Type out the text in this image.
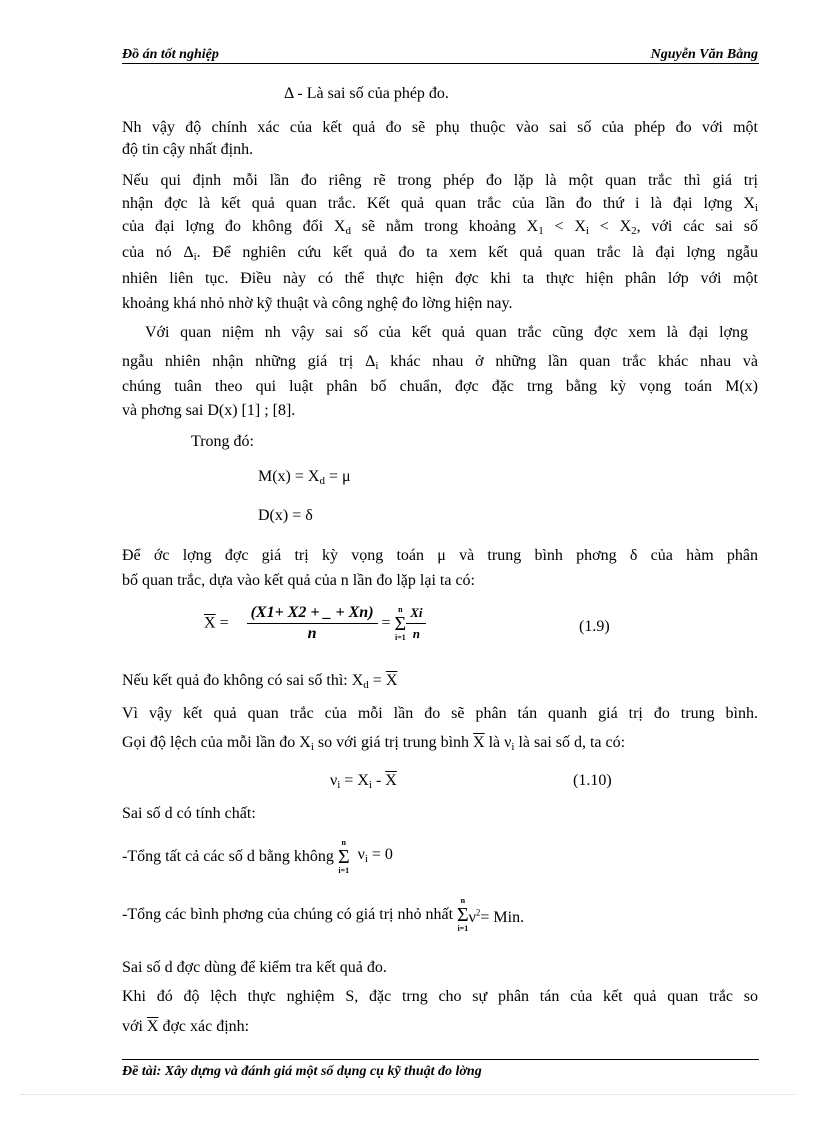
Đồ án tốt nghiệp	Nguyễn Văn Bằng
Δ - Là sai số của phép đo.
Nh vậy độ chính xác của kết quả đo sẽ phụ thuộc vào sai số của phép đo với một
độ tin cậy nhất định.
Nếu qui định mỗi lần đo riêng rẽ trong phép đo lặp là một quan trắc thì giá trị
nhận đợc là kết quả quan trắc. Kết quả quan trắc của lần đo thứ i là đại lợng $X_i$
của đại lợng đo không đổi $X_d$ sẽ nằm trong khoảng $X_1 < X_i < X_2$, với các sai số
của nó $\Delta_i$. Để nghiên cứu kết quả đo ta xem kết quả quan trắc là đại lợng ngẫu
nhiên liên tục. Điều này có thể thực hiện đợc khi ta thực hiện phân lớp với một
khoảng khá nhỏ nhờ kỹ thuật và công nghệ đo lờng hiện nay.
Với quan niệm nh vậy sai số của kết quả quan trắc cũng đợc xem là đại lợng
ngẫu nhiên nhận những giá trị $\Delta_i$ khác nhau ở những lần quan trắc khác nhau và
chúng tuân theo qui luật phân bố chuẩn, đợc đặc trng bằng kỳ vọng toán M(x)
và phơng sai D(x) [1] ; [8].
Trong đó:
$M(x) = X_d = \mu$
D(x) = δ
Để ớc lợng đợc giá trị kỳ vọng toán μ và trung bình phơng δ của hàm phân
bố quan trắc, dựa vào kết quả của n lần đo lặp lại ta có:
$\overline{X} = \frac{(X1+ X2 + \_ + Xn)}{n}$ =
n
Σ
$i=1 \frac{Xi}{n}$	(1.9)
Nếu kết quả đo không có sai số thì: $X_d = \overline{X}$
Vì vậy kết quả quan trắc của mỗi lần đo sẽ phân tán quanh giá trị đo trung bình.
Gọi độ lệch của mỗi lần đo $X_i$ so với giá trị trung bình $\overline{X}$ là $\nu_i$ là sai số d, ta có:
$\nu_i = X_i - \overline{X}$	(1.10)
Sai số d có tính chất:
-Tổng tất cả các số d bằng không
n
Σ
i=1
$\nu_i = 0$
-Tổng các bình phơng của chúng có giá trị nhỏ nhất
n
Σ
i=1
$\nu^2=$ Min.
Sai số d đợc dùng để kiểm tra kết quả đo.
Khi đó độ lệch thực nghiệm S, đặc trng cho sự phân tán của kết quả quan trắc so
với $\overline{X}$ đợc xác định:
Đề tài: Xây dựng và đánh giá một số dụng cụ kỹ thuật đo lờng
